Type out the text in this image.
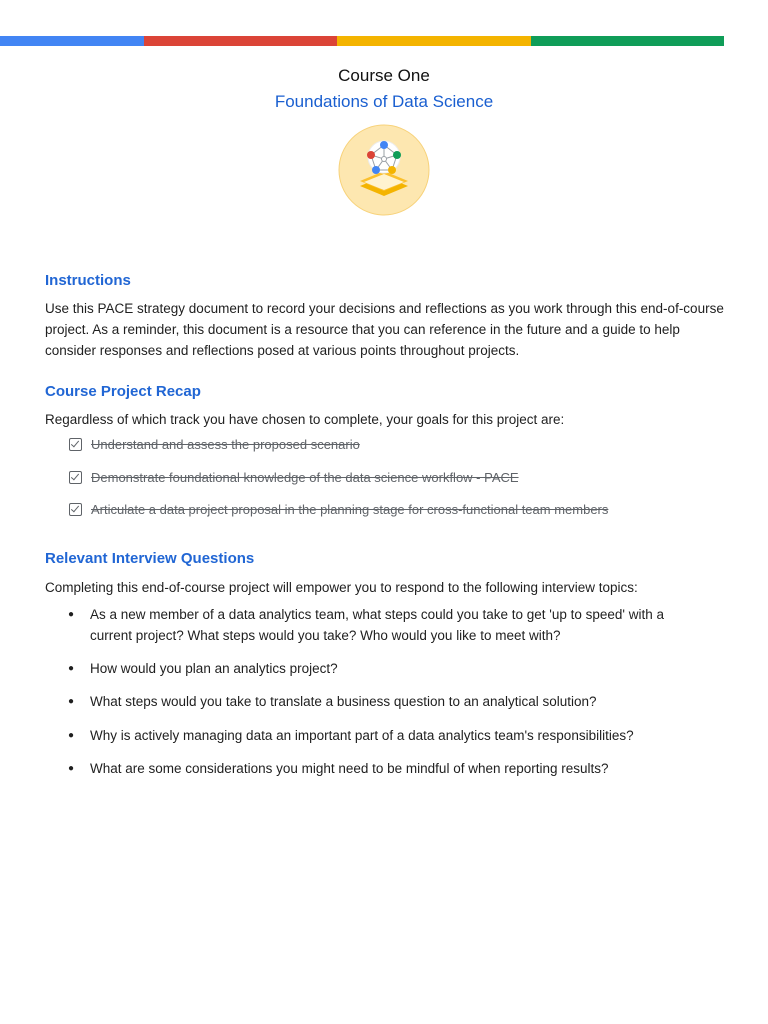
Course One
Foundations of Data Science
Instructions
Use this PACE strategy document to record your decisions and reflections as you work through this end-of-course project. As a reminder, this document is a resource that you can reference in the future and a guide to help consider responses and reflections posed at various points throughout projects.
Course Project Recap
Regardless of which track you have chosen to complete, your goals for this project are:
Understand and assess the proposed scenario
Demonstrate foundational knowledge of the data science workflow - PACE
Articulate a data project proposal in the planning stage for cross-functional team members
Relevant Interview Questions
Completing this end-of-course project will empower you to respond to the following interview topics:
●	As a new member of a data analytics team, what steps could you take to get 'up to speed' with a current project? What steps would you take? Who would you like to meet with?
●	How would you plan an analytics project?
●	What steps would you take to translate a business question to an analytical solution?
●	Why is actively managing data an important part of a data analytics team's responsibilities?
●	What are some considerations you might need to be mindful of when reporting results?
